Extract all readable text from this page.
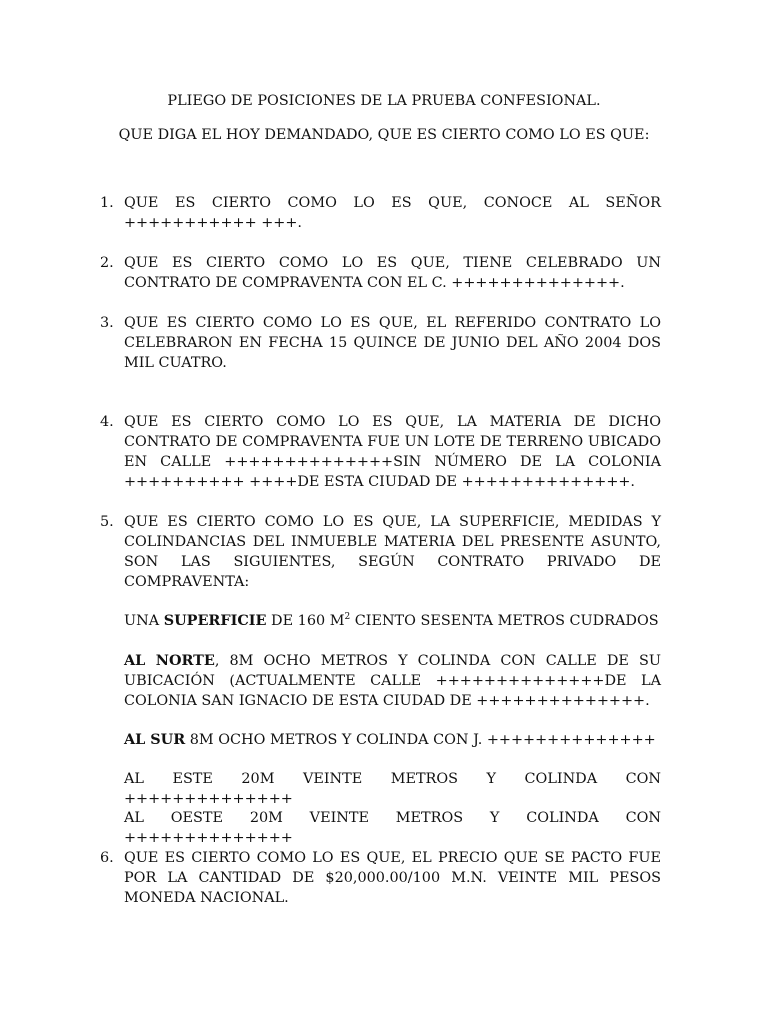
PLIEGO DE POSICIONES DE LA PRUEBA CONFESIONAL.
QUE DIGA EL HOY DEMANDADO, QUE ES CIERTO COMO LO ES QUE:
1. QUE ES CIERTO COMO LO ES QUE, CONOCE AL SEÑOR +++++++++++ +++.
2. QUE ES CIERTO COMO LO ES QUE, TIENE CELEBRADO UN CONTRATO DE COMPRAVENTA CON EL C. ++++++++++++++.
3. QUE ES CIERTO COMO LO ES QUE, EL REFERIDO CONTRATO LO CELEBRARON EN FECHA 15 QUINCE DE JUNIO DEL AÑO 2004 DOS MIL CUATRO.
4. QUE ES CIERTO COMO LO ES QUE, LA MATERIA DE DICHO CONTRATO DE COMPRAVENTA FUE UN LOTE DE TERRENO UBICADO EN CALLE ++++++++++++++SIN NÚMERO DE LA COLONIA ++++++++++ ++++DE ESTA CIUDAD DE ++++++++++++++.
5. QUE ES CIERTO COMO LO ES QUE, LA SUPERFICIE, MEDIDAS Y COLINDANCIAS DEL INMUEBLE MATERIA DEL PRESENTE ASUNTO, SON LAS SIGUIENTES, SEGÚN CONTRATO PRIVADO DE COMPRAVENTA:
UNA SUPERFICIE DE 160 $M^2$ CIENTO SESENTA METROS CUDRADOS
AL NORTE, 8M OCHO METROS Y COLINDA CON CALLE DE SU UBICACIÓN (ACTUALMENTE CALLE ++++++++++++++DE LA COLONIA SAN IGNACIO DE ESTA CIUDAD DE ++++++++++++++.
AL SUR 8M OCHO METROS Y COLINDA CON J. ++++++++++++++
AL ESTE 20M VEINTE METROS Y COLINDA CON ++++++++++++++
AL OESTE 20M VEINTE METROS Y COLINDA CON ++++++++++++++
6. QUE ES CIERTO COMO LO ES QUE, EL PRECIO QUE SE PACTO FUE POR LA CANTIDAD DE $20,000.00/100 M.N. VEINTE MIL PESOS MONEDA NACIONAL.
